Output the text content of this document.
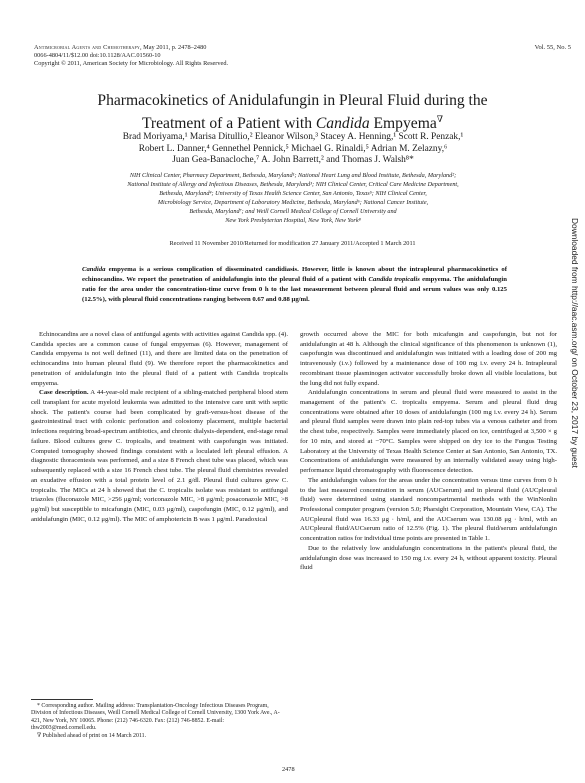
Antimicrobial Agents and Chemotherapy, May 2011, p. 2478–2480
0066-4804/11/$12.00 doi:10.1128/AAC.01560-10
Copyright © 2011, American Society for Microbiology. All Rights Reserved.
Vol. 55, No. 5
Pharmacokinetics of Anidulafungin in Pleural Fluid during the
Treatment of a Patient with Candida Empyema∇
Brad Moriyama,¹ Marisa Ditullio,² Eleanor Wilson,³ Stacey A. Henning,¹ Scott R. Penzak,¹
Robert L. Danner,⁴ Gennethel Pennick,⁵ Michael G. Rinaldi,⁵ Adrian M. Zelazny,⁶
Juan Gea-Banacloche,⁷ A. John Barrett,² and Thomas J. Walsh⁸*
NIH Clinical Center, Pharmacy Department, Bethesda, Maryland¹; National Heart Lung and Blood Institute, Bethesda, Maryland²;
National Institute of Allergy and Infectious Diseases, Bethesda, Maryland³; NIH Clinical Center, Critical Care Medicine Department,
Bethesda, Maryland⁴; University of Texas Health Science Center, San Antonio, Texas⁵; NIH Clinical Center,
Microbiology Service, Department of Laboratory Medicine, Bethesda, Maryland⁶; National Cancer Institute,
Bethesda, Maryland⁷; and Weill Cornell Medical College of Cornell University and
New York Presbyterian Hospital, New York, New York⁸
Received 11 November 2010/Returned for modification 27 January 2011/Accepted 1 March 2011
Candida empyema is a serious complication of disseminated candidiasis. However, little is known about the intrapleural pharmacokinetics of echinocandins. We report the penetration of anidulafungin into the pleural fluid of a patient with Candida tropicalis empyema. The anidulafungin ratio for the area under the concentration-time curve from 0 h to the last measurement between pleural fluid and serum values was only 0.125 (12.5%), with pleural fluid concentrations ranging between 0.67 and 0.88 μg/ml.

Echinocandins are a novel class of antifungal agents with activities against Candida spp. (4). Candida species are a common cause of fungal empyemas (6). However, management of Candida empyema is not well defined (11), and there are limited data on the penetration of echinocandins into human pleural fluid (9). We therefore report the pharmacokinetics and penetration of anidulafungin into the pleural fluid of a patient with Candida tropicalis empyema.

Case description. A 44-year-old male recipient of a sibling-matched peripheral blood stem cell transplant for acute myeloid leukemia was admitted to the intensive care unit with septic shock. The patient's course had been complicated by graft-versus-host disease of the gastrointestinal tract with colonic perforation and colostomy placement, multiple bacterial infections requiring broad-spectrum antibiotics, and chronic dialysis-dependent, end-stage renal failure. Blood cultures grew C. tropicalis, and treatment with caspofungin was initiated. Computed tomography showed findings consistent with a loculated left pleural effusion. A diagnostic thoracentesis was performed, and a size 8 French chest tube was placed, which was subsequently replaced with a size 16 French chest tube. The pleural fluid chemistries revealed an exudative effusion with a total protein level of 2.1 g/dl. Pleural fluid cultures grew C. tropicalis. The MICs at 24 h showed that the C. tropicalis isolate was resistant to antifungal triazoles (fluconazole MIC, >256 μg/ml; voriconazole MIC, >8 μg/ml; posaconazole MIC, >8 μg/ml) but susceptible to micafungin (MIC, 0.03 μg/ml), caspofungin (MIC, 0.12 μg/ml), and anidulafungin (MIC, 0.12 μg/ml). The MIC of amphotericin B was 1 μg/ml. Paradoxical

growth occurred above the MIC for both micafungin and caspofungin, but not for anidulafungin at 48 h. Although the clinical significance of this phenomenon is unknown (1), caspofungin was discontinued and anidulafungin was initiated with a loading dose of 200 mg intravenously (i.v.) followed by a maintenance dose of 100 mg i.v. every 24 h. Intrapleural recombinant tissue plasminogen activator successfully broke down all visible loculations, but the lung did not fully expand.

Anidulafungin concentrations in serum and pleural fluid were measured to assist in the management of the patient's C. tropicalis empyema. Serum and pleural fluid drug concentrations were obtained after 10 doses of anidulafungin (100 mg i.v. every 24 h). Serum and pleural fluid samples were drawn into plain red-top tubes via a venous catheter and from the chest tube, respectively. Samples were immediately placed on ice, centrifuged at 3,500 × g for 10 min, and stored at −70°C. Samples were shipped on dry ice to the Fungus Testing Laboratory at the University of Texas Health Science Center at San Antonio, San Antonio, TX. Concentrations of anidulafungin were measured by an internally validated assay using high-performance liquid chromatography with fluorescence detection.

The anidulafungin values for the areas under the concentration versus time curves from 0 h to the last measured concentration in serum (AUCserum) and in pleural fluid (AUCpleural fluid) were determined using standard noncompartmental methods with the WinNonlin Professional computer program (version 5.0; Pharsight Corporation, Mountain View, CA). The AUCpleural fluid was 16.33 μg · h/ml, and the AUCserum was 130.08 μg · h/ml, with an AUCpleural fluid/AUCserum ratio of 12.5% (Fig. 1). The pleural fluid/serum anidulafungin concentration ratios for individual time points are presented in Table 1.

Due to the relatively low anidulafungin concentrations in the patient's pleural fluid, the anidulafungin dose was increased to 150 mg i.v. every 24 h, without apparent toxicity. Pleural fluid

* Corresponding author. Mailing address: Transplantation-Oncology Infectious Diseases Program, Division of Infectious Diseases, Weill Cornell Medical College of Cornell University, 1300 York Ave., A-421, New York, NY 10065. Phone: (212) 746-6320. Fax: (212) 746-8852. E-mail: thw2003@med.cornell.edu.

∇ Published ahead of print on 14 March 2011.

2478
Downloaded from http://aac.asm.org/ on October 23, 2017 by guest
